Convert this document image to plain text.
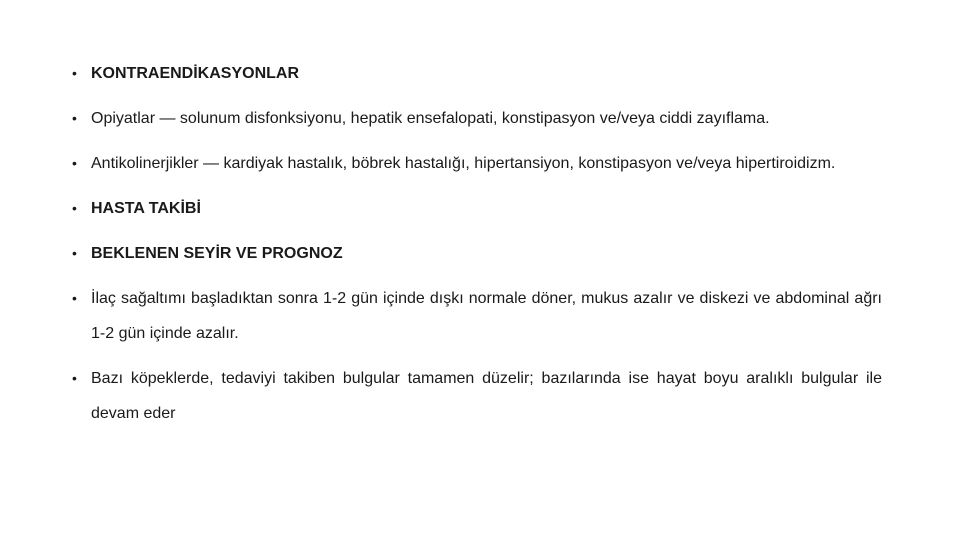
• KONTRAENDİKASYONLAR
• Opiyatlar — solunum disfonksiyonu, hepatik ensefalopati, konstipasyon ve/veya ciddi zayıflama.
• Antikolinerjikler — kardiyak hastalık, böbrek hastalığı, hipertansiyon, konstipasyon ve/veya hipertiroidizm.
• HASTA TAKİBİ
• BEKLENEN SEYİR VE PROGNOZ
• İlaç sağaltımı başladıktan sonra 1-2 gün içinde dışkı normale döner, mukus azalır ve diskezi ve abdominal ağrı 1-2 gün içinde azalır.
• Bazı köpeklerde, tedaviyi takiben bulgular tamamen düzelir; bazılarında ise hayat boyu aralıklı bulgular ile devam eder
